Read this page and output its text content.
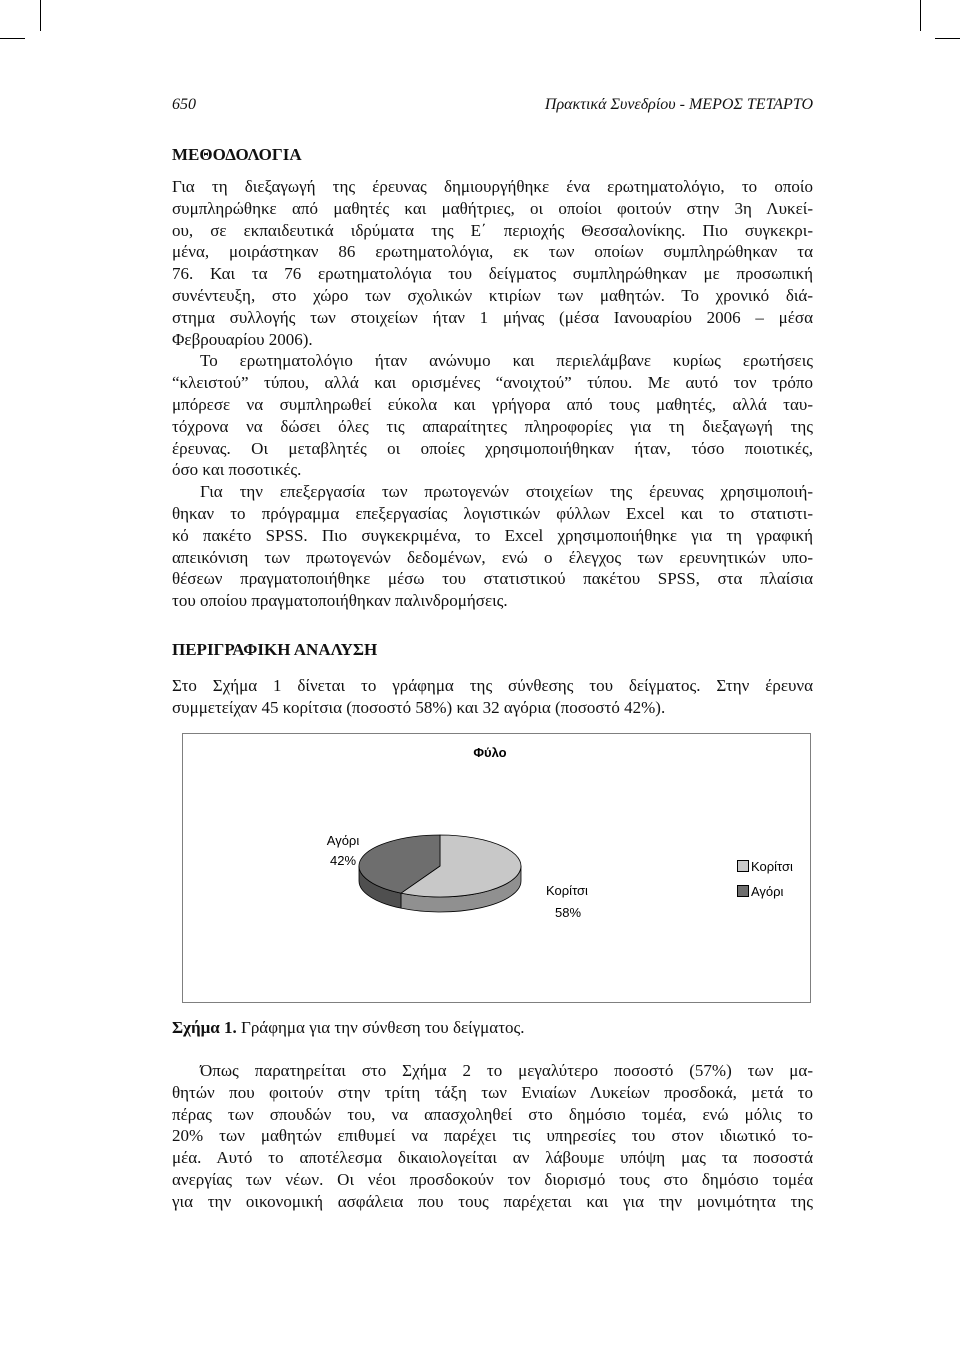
650	Πρακτικά Συνεδρίου - ΜΕΡΟΣ ΤΕΤΑΡΤΟ
ΜΕΘΟΔΟΛΟΓΙΑ
Για τη διεξαγωγή της έρευνας δημιουργήθηκε ένα ερωτηματολόγιο, το οποίο
συμπληρώθηκε από μαθητές και μαθήτριες, οι οποίοι φοιτούν στην 3η Λυκεί-
ου, σε εκπαιδευτικά ιδρύματα της Ε΄ περιοχής Θεσσαλονίκης. Πιο συγκεκρι-
μένα, μοιράστηκαν 86 ερωτηματολόγια, εκ των οποίων συμπληρώθηκαν τα
76. Και τα 76 ερωτηματολόγια του δείγματος συμπληρώθηκαν με προσωπική
συνέντευξη, στο χώρο των σχολικών κτιρίων των μαθητών. Το χρονικό διά-
στημα συλλογής των στοιχείων ήταν 1 μήνας (μέσα Ιανουαρίου 2006 – μέσα
Φεβρουαρίου 2006).
Το ερωτηματολόγιο ήταν ανώνυμο και περιελάμβανε κυρίως ερωτήσεις
“κλειστού” τύπου, αλλά και ορισμένες “ανοιχτού” τύπου. Με αυτό τον τρόπο
μπόρεσε να συμπληρωθεί εύκολα και γρήγορα από τους μαθητές, αλλά ταυ-
τόχρονα να δώσει όλες τις απαραίτητες πληροφορίες για τη διεξαγωγή της
έρευνας. Οι μεταβλητές οι οποίες χρησιμοποιήθηκαν ήταν, τόσο ποιοτικές,
όσο και ποσοτικές.
Για την επεξεργασία των πρωτογενών στοιχείων της έρευνας χρησιμοποιή-
θηκαν το πρόγραμμα επεξεργασίας λογιστικών φύλλων Excel και το στατιστι-
κό πακέτο SPSS. Πιο συγκεκριμένα, το Excel χρησιμοποιήθηκε για τη γραφική
απεικόνιση των πρωτογενών δεδομένων, ενώ ο έλεγχος των ερευνητικών υπο-
θέσεων πραγματοποιήθηκε μέσω του στατιστικού πακέτου SPSS, στα πλαίσια
του οποίου πραγματοποιήθηκαν παλινδρομήσεις.
ΠΕΡΙΓΡΑΦΙΚΗ ΑΝΑΛΥΣΗ
Στο Σχήμα 1 δίνεται το γράφημα της σύνθεσης του δείγματος. Στην έρευνα
συμμετείχαν 45 κορίτσια (ποσοστό 58%) και 32 αγόρια (ποσοστό 42%).
Φύλο
Αγόρι
42%
Κορίτσι
58%
Κορίτσι
Αγόρι
Σχήμα 1. Γράφημα για την σύνθεση του δείγματος.
Όπως παρατηρείται στο Σχήμα 2 το μεγαλύτερο ποσοστό (57%) των μα-
θητών που φοιτούν στην τρίτη τάξη των Ενιαίων Λυκείων προσδοκά, μετά το
πέρας των σπουδών του, να απασχοληθεί στο δημόσιο τομέα, ενώ μόλις το
20% των μαθητών επιθυμεί να παρέχει τις υπηρεσίες του στον ιδιωτικό το-
μέα. Αυτό το αποτέλεσμα δικαιολογείται αν λάβουμε υπόψη μας τα ποσοστά
ανεργίας των νέων. Οι νέοι προσδοκούν τον διορισμό τους στο δημόσιο τομέα
για την οικονομική ασφάλεια που τους παρέχεται και για την μονιμότητα της
